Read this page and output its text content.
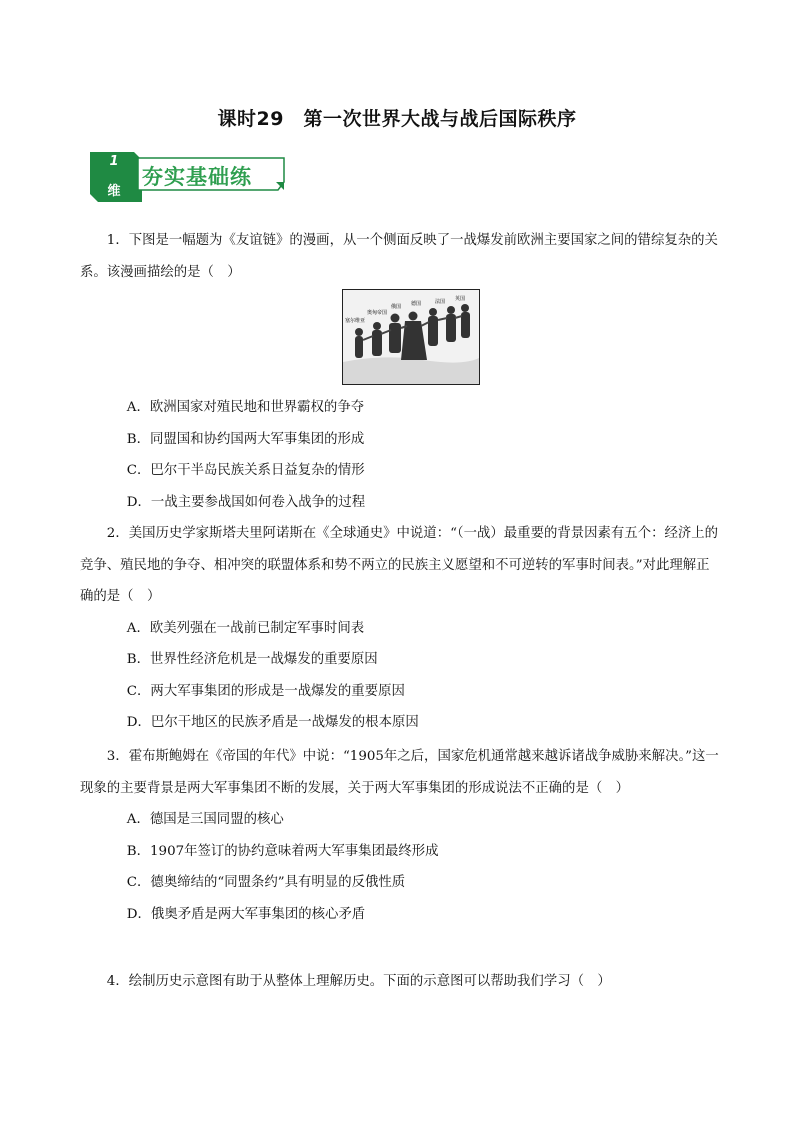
课时29　第一次世界大战与战后国际秩序
1
维
夯实基础练

1．下图是一幅题为《友谊链》的漫画，从一个侧面反映了一战爆发前欧洲主要国家之间的错综复杂的关系。该漫画描绘的是（　）

塞尔维亚
奥匈帝国
俄国 德国	法国 英国

A．欧洲国家对殖民地和世界霸权的争夺

B．同盟国和协约国两大军事集团的形成

C．巴尔干半岛民族关系日益复杂的情形

D．一战主要参战国如何卷入战争的过程

2．美国历史学家斯塔夫里阿诺斯在《全球通史》中说道：“（一战）最重要的背景因素有五个：经济上的竞争、殖民地的争夺、相冲突的联盟体系和势不两立的民族主义愿望和不可逆转的军事时间表。”对此理解正确的是（　）

A．欧美列强在一战前已制定军事时间表

B．世界性经济危机是一战爆发的重要原因

C．两大军事集团的形成是一战爆发的重要原因

D．巴尔干地区的民族矛盾是一战爆发的根本原因

3．霍布斯鲍姆在《帝国的年代》中说：“1905年之后，国家危机通常越来越诉诸战争威胁来解决。”这一现象的主要背景是两大军事集团不断的发展，关于两大军事集团的形成说法不正确的是（　）

A．德国是三国同盟的核心

B．1907年签订的协约意味着两大军事集团最终形成

C．德奥缔结的“同盟条约”具有明显的反俄性质

D．俄奥矛盾是两大军事集团的核心矛盾

4．绘制历史示意图有助于从整体上理解历史。下面的示意图可以帮助我们学习（　）
